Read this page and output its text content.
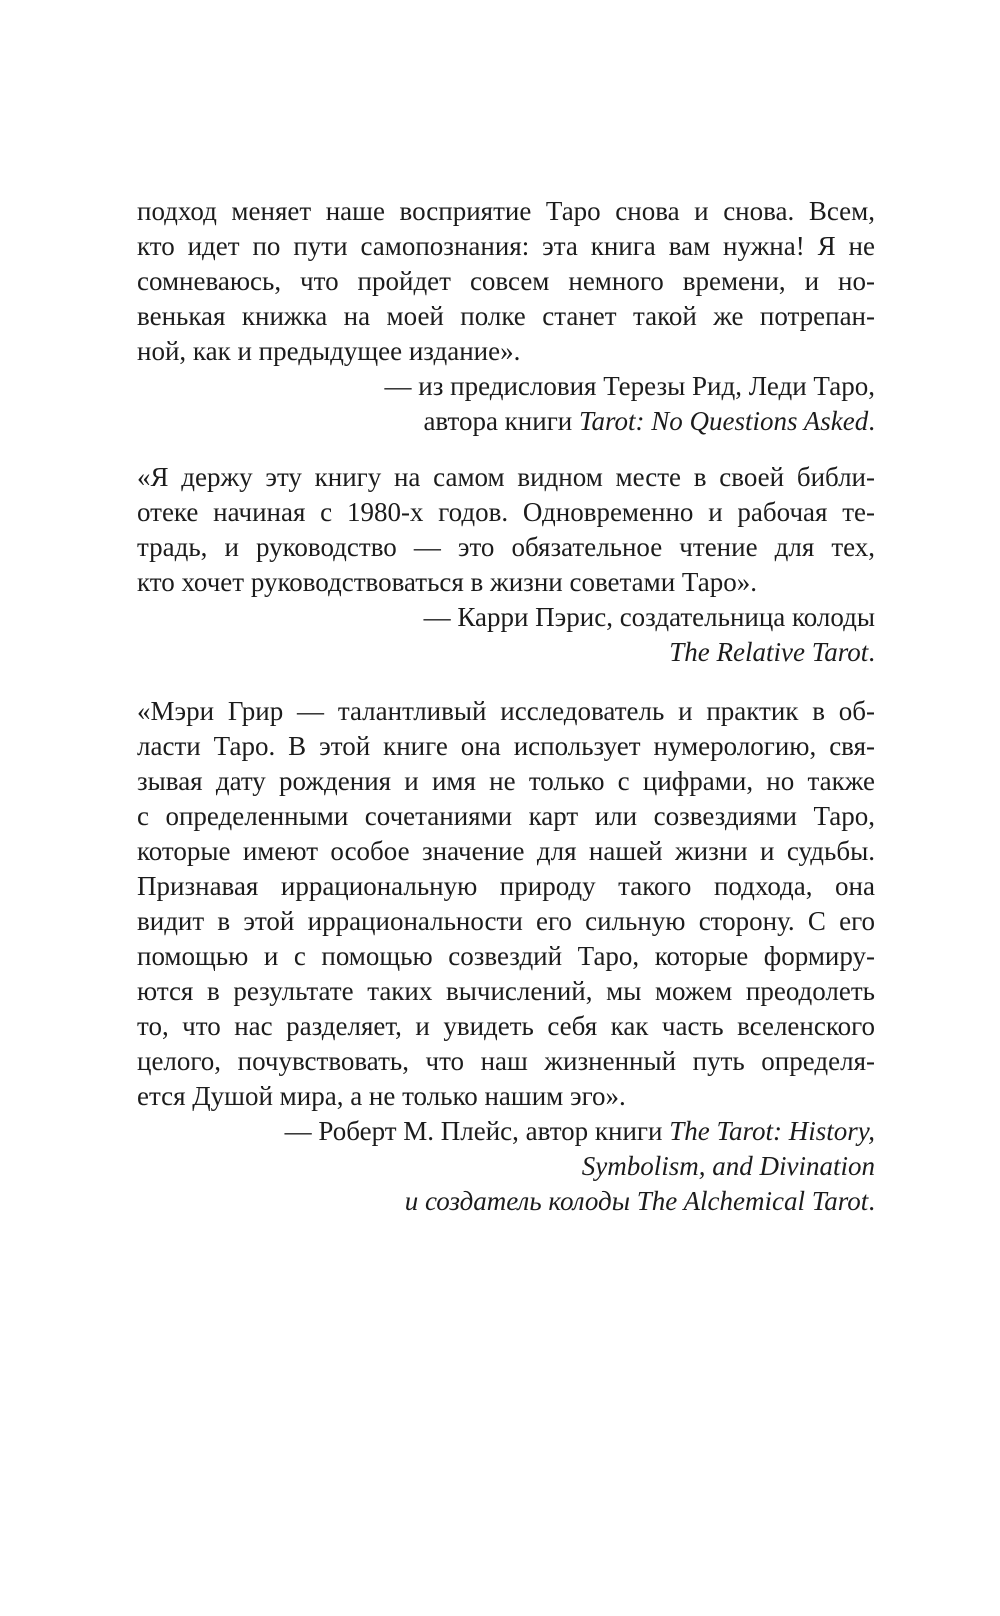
подход меняет наше восприятие Таро снова и снова. Всем,
кто идет по пути самопознания: эта книга вам нужна! Я не
сомневаюсь, что пройдет совсем немного времени, и но-
венькая книжка на моей полке станет такой же потрепан-
ной, как и предыдущее издание».
— из предисловия Терезы Рид, Леди Таро,
автора книги Tarot: No Questions Asked.
«Я держу эту книгу на самом видном месте в своей библи-
отеке начиная с 1980-х годов. Одновременно и рабочая те-
традь, и руководство — это обязательное чтение для тех,
кто хочет руководствоваться в жизни советами Таро».
— Карри Пэрис, создательница колоды
The Relative Tarot.
«Мэри Грир — талантливый исследователь и практик в об-
ласти Таро. В этой книге она использует нумерологию, свя-
зывая дату рождения и имя не только с цифрами, но также
с определенными сочетаниями карт или созвездиями Таро,
которые имеют особое значение для нашей жизни и судьбы.
Признавая иррациональную природу такого подхода, она
видит в этой иррациональности его сильную сторону. С его
помощью и с помощью созвездий Таро, которые формиру-
ются в результате таких вычислений, мы можем преодолеть
то, что нас разделяет, и увидеть себя как часть вселенского
целого, почувствовать, что наш жизненный путь определя-
ется Душой мира, а не только нашим эго».
— Роберт М. Плейс, автор книги The Tarot: History,
Symbolism, and Divination
и создатель колоды The Alchemical Tarot.
